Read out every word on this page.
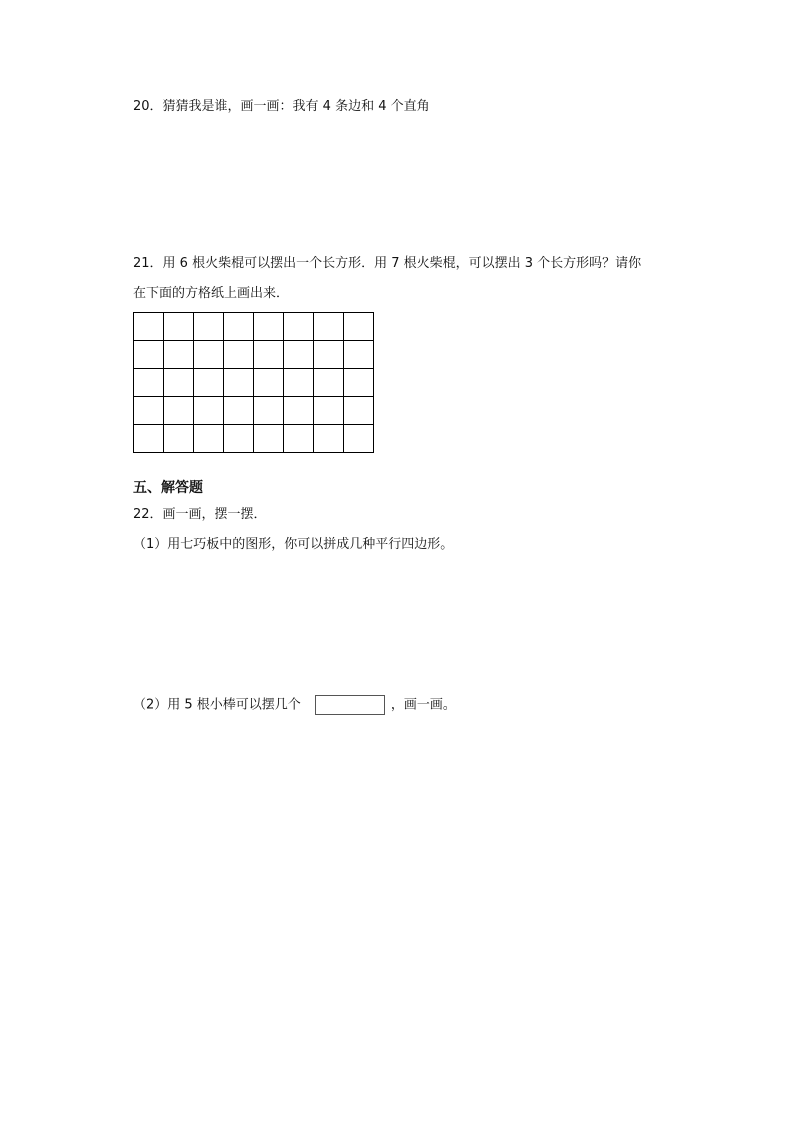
20．猜猜我是谁，画一画：我有 4 条边和 4 个直角
21．用 6 根火柴棍可以摆出一个长方形．用 7 根火柴棍，可以摆出 3 个长方形吗？请你
在下面的方格纸上画出来．

五、解答题
22．画一画，摆一摆．
（1）用七巧板中的图形，你可以拼成几种平行四边形。
（2）用 5 根小棒可以摆几个	，画一画。
